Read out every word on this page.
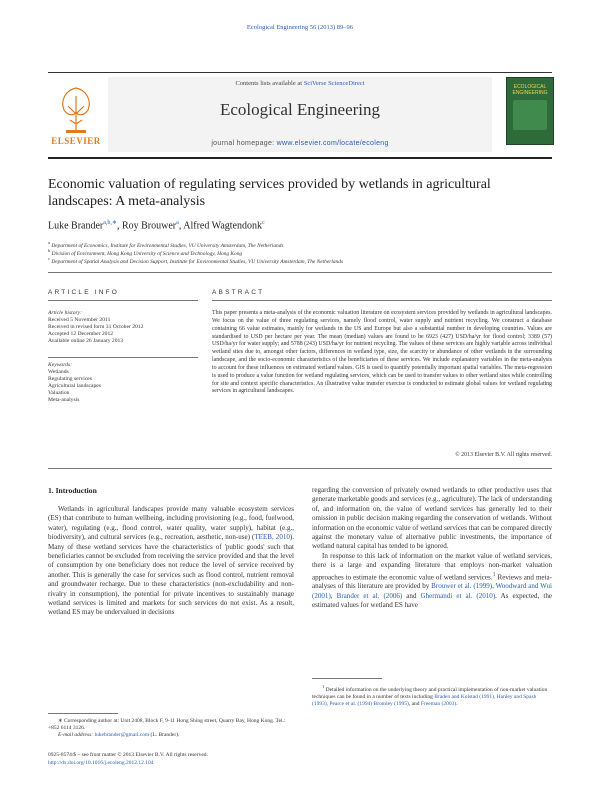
Ecological Engineering 56 (2013) 89–96
Contents lists available at SciVerse ScienceDirect
Ecological Engineering
journal homepage: www.elsevier.com/locate/ecoleng
ELSEVIER
ECOLOGICAL ENGINEERING
Economic valuation of regulating services provided by wetlands in agricultural landscapes: A meta-analysis
Luke Brander$^{a,b,∗}$, Roy Brouwer$^a$, Alfred Wagtendonk$^c$
$^a$ Department of Economics, Institute for Environmental Studies, VU University Amsterdam, The Netherlands
$^b$ Division of Environment, Hong Kong University of Science and Technology, Hong Kong
$^c$ Department of Spatial Analysis and Decision Support, Institute for Environmental Studies, VU University Amsterdam, The Netherlands
ARTICLE INFO	ABSTRACT
Article history:
Received 5 November 2011
Received in revised form 31 October 2012
Accepted 12 December 2012
Available online 26 January 2013
Keywords:
Wetlands
Regulating services
Agricultural landscapes
Valuation
Meta-analysis
This paper presents a meta-analysis of the economic valuation literature on ecosystem services provided by wetlands in agricultural landscapes. We focus on the value of three regulating services, namely flood control, water supply and nutrient recycling. We construct a database containing 66 value estimates, mainly for wetlands in the US and Europe but also a substantial number in developing countries. Values are standardised to USD per hectare per year. The mean (median) values are found to be 6923 (427) USD/ha/yr for flood control; 3389 (57) USD/ha/yr for water supply; and 5788 (243) USD/ha/yr for nutrient recycling. The values of these services are highly variable across individual wetland sites due to, amongst other factors, differences in wetland type, size, the scarcity or abundance of other wetlands in the surrounding landscape, and the socio-economic characteristics of the beneficiaries of these services. We include explanatory variables in the meta-analysis to account for these influences on estimated wetland values. GIS is used to quantify potentially important spatial variables. The meta-regression is used to produce a value function for wetland regulating services, which can be used to transfer values to other wetland sites while controlling for site and context specific characteristics. An illustrative value transfer exercise is conducted to estimate global values for wetland regulating services in agricultural landscapes.
© 2013 Elsevier B.V. All rights reserved.
1. Introduction

Wetlands in agricultural landscapes provide many valuable ecosystem services (ES) that contribute to human wellbeing, including provisioning (e.g., food, fuelwood, water), regulating (e.g., flood control, water quality, water supply), habitat (e.g., biodiversity), and cultural services (e.g., recreation, aesthetic, non-use) (TEEB, 2010). Many of these wetland services have the characteristics of 'public goods' such that beneficiaries cannot be excluded from receiving the service provided and that the level of consumption by one beneficiary does not reduce the level of service received by another. This is generally the case for services such as flood control, nutrient removal and groundwater recharge. Due to these characteristics (non-excludability and non-rivalry in consumption), the potential for private incentives to sustainably manage wetland services is limited and markets for such services do not exist. As a result, wetland ES may be undervalued in decisions

regarding the conversion of privately owned wetlands to other productive uses that generate marketable goods and services (e.g., agriculture). The lack of understanding of, and information on, the value of wetland services has generally led to their omission in public decision making regarding the conservation of wetlands. Without information on the economic value of wetland services that can be compared directly against the monetary value of alternative public investments, the importance of wetland natural capital has tended to be ignored.

In response to this lack of information on the market value of wetland services, there is a large and expanding literature that employs non-market valuation approaches to estimate the economic value of wetland services.$^1$ Reviews and meta-analyses of this literature are provided by Brouwer et al. (1999), Woodward and Wui (2001), Brander et al. (2006) and Ghermandi et al. (2010). As expected, the estimated values for wetland ES have

∗ Corresponding author at: Unit 2408, Block F, 9-11 Hong Shing street, Quarry Bay, Hong Kong. Tel.: +852 6114 3126.
E-mail address: lukebrander@gmail.com (L. Brander).

$^1$ Detailed information on the underlying theory and practical implementation of non-market valuation techniques can be found in a number of texts including Braden and Kolstad (1991), Hanley and Spash (1993), Pearce et al. (1994) Bromley (1995), and Freeman (2003).

0925-8574/$ – see front matter © 2013 Elsevier B.V. All rights reserved.
http://dx.doi.org/10.1016/j.ecoleng.2012.12.104
